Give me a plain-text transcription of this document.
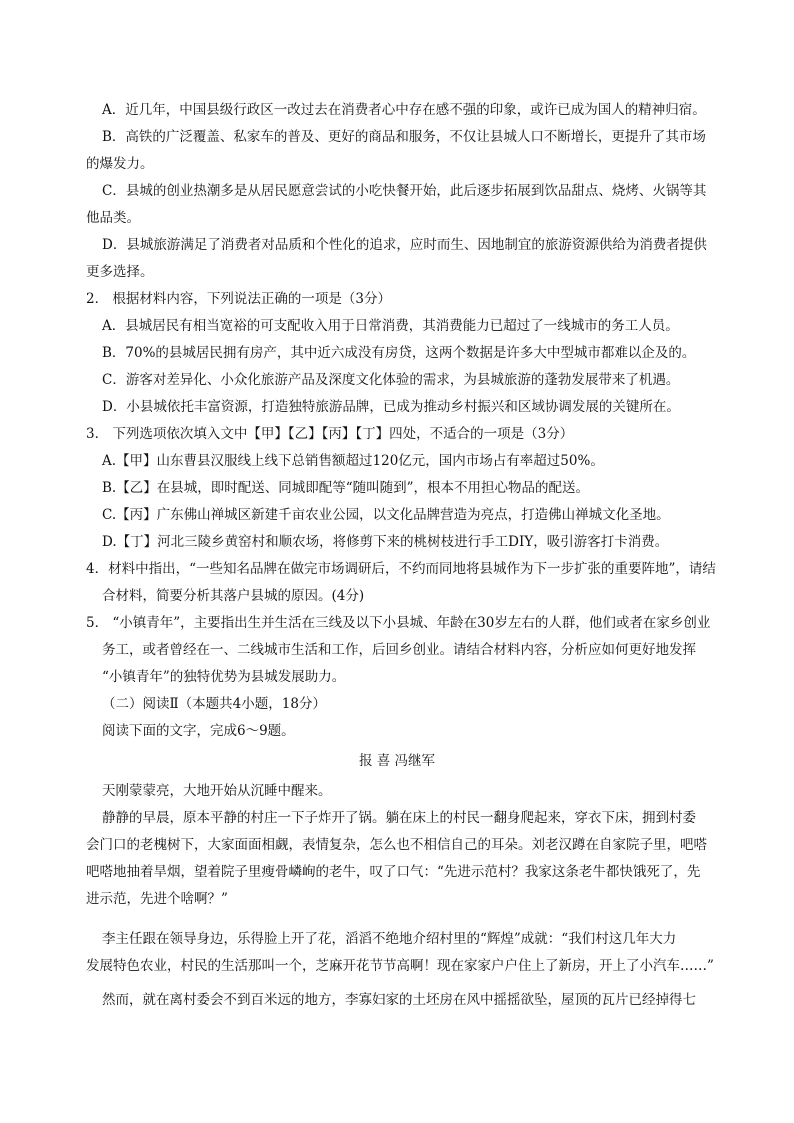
A．近几年，中国县级行政区一改过去在消费者心中存在感不强的印象，或许已成为国人的精神归宿。
B．高铁的广泛覆盖、私家车的普及、更好的商品和服务，不仅让县城人口不断增长，更提升了其市场
的爆发力。
C．县城的创业热潮多是从居民愿意尝试的小吃快餐开始，此后逐步拓展到饮品甜点、烧烤、火锅等其
他品类。
D．县城旅游满足了消费者对品质和个性化的追求，应时而生、因地制宜的旅游资源供给为消费者提供
更多选择。
2． 根据材料内容，下列说法正确的一项是（3分）
A．县城居民有相当宽裕的可支配收入用于日常消费，其消费能力已超过了一线城市的务工人员。
B．70%的县城居民拥有房产，其中近六成没有房贷，这两个数据是许多大中型城市都难以企及的。
C．游客对差异化、小众化旅游产品及深度文化体验的需求，为县城旅游的蓬勃发展带来了机遇。
D．小县城依托丰富资源，打造独特旅游品牌，已成为推动乡村振兴和区域协调发展的关键所在。
3． 下列选项依次填入文中【甲】【乙】【丙】【丁】四处，不适合的一项是（3分）
A.【甲】山东曹县汉服线上线下总销售额超过120亿元，国内市场占有率超过50%。
B.【乙】在县城，即时配送、同城即配等“随叫随到”，根本不用担心物品的配送。
C.【丙】广东佛山禅城区新建千亩农业公园，以文化品牌营造为亮点，打造佛山禅城文化圣地。
D.【丁】河北三陵乡黄窑村和顺农场，将修剪下来的桃树枝进行手工DIY，吸引游客打卡消费。
4．材料中指出，“一些知名品牌在做完市场调研后，不约而同地将县城作为下一步扩张的重要阵地”，请结
合材料，简要分析其落户县城的原因。(4分)
5． “小镇青年”，主要指出生并生活在三线及以下小县城、年龄在30岁左右的人群，他们或者在家乡创业
务工，或者曾经在一、二线城市生活和工作，后回乡创业。请结合材料内容，分析应如何更好地发挥
“小镇青年”的独特优势为县城发展助力。
（二）阅读Ⅱ（本题共4小题，18分）
阅读下面的文字，完成6～9题。
报 喜 冯继军
天刚蒙蒙亮，大地开始从沉睡中醒来。
静静的早晨，原本平静的村庄一下子炸开了锅。躺在床上的村民一翻身爬起来，穿衣下床，拥到村委
会门口的老槐树下，大家面面相觑，表情复杂，怎么也不相信自己的耳朵。刘老汉蹲在自家院子里，吧嗒
吧嗒地抽着旱烟，望着院子里瘦骨嶙峋的老牛，叹了口气：“先进示范村？我家这条老牛都快饿死了，先
进示范，先进个啥啊？”
李主任跟在领导身边，乐得脸上开了花，滔滔不绝地介绍村里的“辉煌”成就：“我们村这几年大力
发展特色农业，村民的生活那叫一个，芝麻开花节节高啊！现在家家户户住上了新房，开上了小汽车……”
然而，就在离村委会不到百米远的地方，李寡妇家的土坯房在风中摇摇欲坠，屋顶的瓦片已经掉得七
